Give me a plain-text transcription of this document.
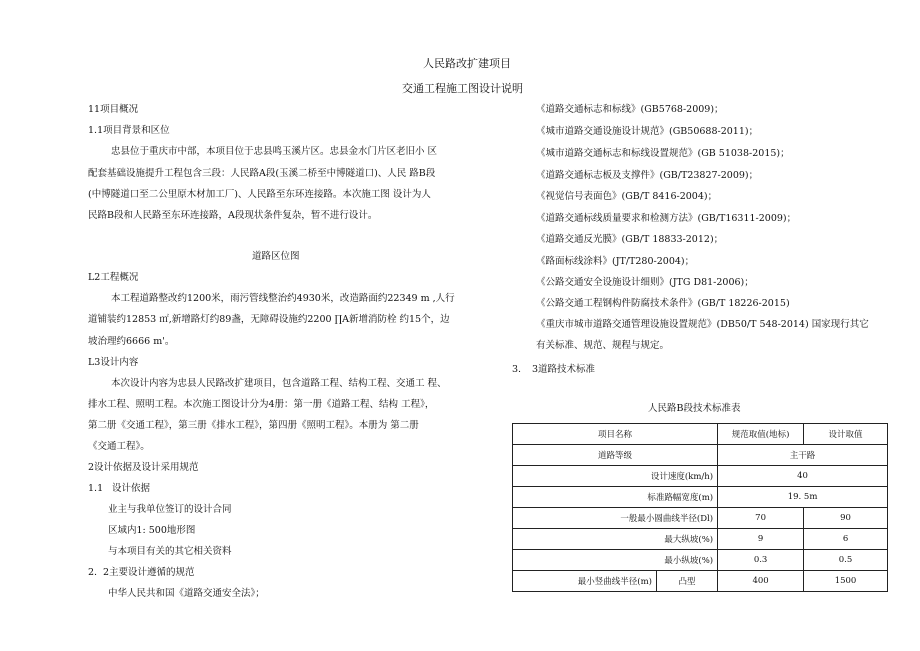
人民路改扩建项目
交通工程施工图设计说明
11项目概况
1.1项目背景和区位
忠县位于重庆市中部，本项目位于忠县鸣玉溪片区。忠县金水门片区老旧小 区
配套基础设施提升工程包含三段：人民路A段(玉溪二桥至中博隧道口)、人民 路B段
(中博隧道口至二公里原木材加工厂)、人民路至东环连接路。本次施工图 设计为人
民路B段和人民路至东环连接路，A段现状条件复杂，暂不进行设计。
道路区位图
L2工程概况
本工程道路整改约1200米，雨污管线整治约4930米，改造路面约22349 m ,人行
道铺装约12853 ㎡,新增路灯约89盏，无障碍设施约2200 ∏A新增消防栓 约15个，边
坡治理约6666 m'。
L3设计内容
本次设计内容为忠县人民路改扩建项目，包含道路工程、结构工程、交通工 程、
排水工程、照明工程。本次施工图设计分为4册：第一册《道路工程、结构 工程》，
第二册《交通工程》，第三册《排水工程》，第四册《照明工程》。本册为 第二册
《交通工程》。
2设计依据及设计采用规范
1.1 设计依据
业主与我单位签订的设计合同
区域内1: 500地形图
与本项目有关的其它相关资料
2. 2主要设计遵循的规范
中华人民共和国《道路交通安全法》；
《道路交通标志和标线》(GB5768-2009)；
《城市道路交通设施设计规范》(GB50688-2011)；
《城市道路交通标志和标线设置规范》(GB 51038-2015)；
《道路交通标志板及支撑件》(GB/T23827-2009)；
《视觉信号表面色》(GB/T 8416-2004)；
《道路交通标线质量要求和检测方法》(GB/T16311-2009)；
《道路交通反光膜》(GB/T 18833-2012)；
《路面标线涂料》(JT/T280-2004)；
《公路交通安全设施设计细则》(JTG D81-2006)；
《公路交通工程钢构件防腐技术条件》(GB/T 18226-2015)
《重庆市城市道路交通管理设施设置规范》(DB50/T 548-2014) 国家现行其它
有关标准、规范、规程与规定。
3. 3道路技术标准
人民路B段技术标准表
项目名称		规范取值(地标)	设计取值
道路等级		主干路	
设计速度(km/h)		40	
标准路幅宽度(m)		19. 5m	
一般最小圆曲线半径(Dl)		70	90
最大纵坡(%)		9	6
最小纵坡(%)		0.3	0.5
最小竖曲线半径(m)	凸型	400	1500
